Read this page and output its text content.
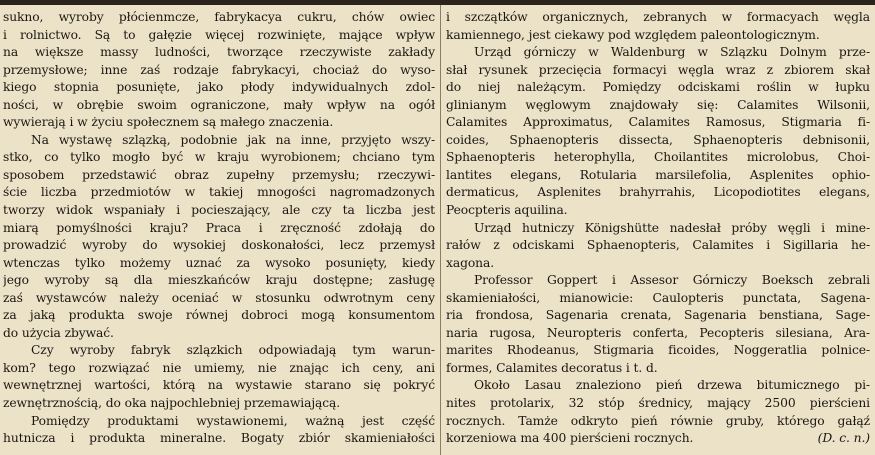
sukno, wyroby płócienmcze, fabrykacya cukru, chów owiec
i rolnictwo. Są to gałęzie więcej rozwinięte, mające wpływ
na większe massy ludności, tworzące rzeczywiste zakłady
przemysłowe; inne zaś rodzaje fabrykacyi, chociaż do wyso-
kiego stopnia posunięte, jako płody indywidualnych zdol-
ności, w obrębie swoim ograniczone, mały wpływ na ogół
wywierają i w życiu społecznem są małego znaczenia.
Na wystawę szlązką, podobnie jak na inne, przyjęto wszy-
stko, co tylko mogło być w kraju wyrobionem; chciano tym
sposobem przedstawić obraz zupełny przemysłu; rzeczywi-
ście liczba przedmiotów w takiej mnogości nagromadzonych
tworzy widok wspaniały i pocieszający, ale czy ta liczba jest
miarą pomyślności kraju? Praca i zręczność zdołają do
prowadzić wyroby do wysokiej doskonałości, lecz przemysł
wtenczas tylko możemy uznać za wysoko posunięty, kiedy
jego wyroby są dla mieszkańców kraju dostępne; zasługę
zaś wystawców należy oceniać w stosunku odwrotnym ceny
za jaką produkta swoje równej dobroci mogą konsumentom
do użycia zbywać.
Czy wyroby fabryk szlązkich odpowiadają tym warun-
kom? tego rozwiązać nie umiemy, nie znając ich ceny, ani
wewnętrznej wartości, którą na wystawie starano się pokryć
zewnętrznością, do oka najpochlebniej przemawiającą.
Pomiędzy produktami wystawionemi, ważną jest część
hutnicza i produkta mineralne. Bogaty zbiór skamieniałości
i szczątków organicznych, zebranych w formacyach węgla
kamiennego, jest ciekawy pod względem paleontologicznym.
Urząd górniczy w Waldenburg w Szlązku Dolnym prze-
słał rysunek przecięcia formacyi węgla wraz z zbiorem skał
do niej należącym. Pomiędzy odciskami roślin w łupku
glinianym węglowym znajdowały się: Calamites Wilsonii,
Calamites Approximatus, Calamites Ramosus, Stigmaria fi-
coides, Sphaenopteris dissecta, Sphaenopteris debnisonii,
Sphaenopteris heterophylla, Choilantites microlobus, Choi-
lantites elegans, Rotularia marsilefolia, Asplenites ophio-
dermaticus, Asplenites brahyrrahis, Licopodiotites elegans,
Peocpteris aquilina.
Urząd hutniczy Königshütte nadesłał próby węgli i mine-
rałów z odciskami Sphaenopteris, Calamites i Sigillaria he-
xagona.
Professor Goppert i Assesor Górniczy Boeksch zebrali
skamieniałości, mianowicie: Caulopteris punctata, Sagena-
ria frondosa, Sagenaria crenata, Sagenaria benstiana, Sage-
naria rugosa, Neuropteris conferta, Pecopteris silesiana, Ara-
marites Rhodeanus, Stigmaria ficoides, Noggeratlia polnice-
formes, Calamites decoratus i t. d.
Około Lasau znaleziono pień drzewa bitumicznego pi-
nites protolarix, 32 stóp średnicy, mający 2500 pierścieni
rocznych. Tamże odkryto pień równie gruby, którego gałąź
korzeniowa ma 400 pierścieni rocznych.	(D. c. n.)
